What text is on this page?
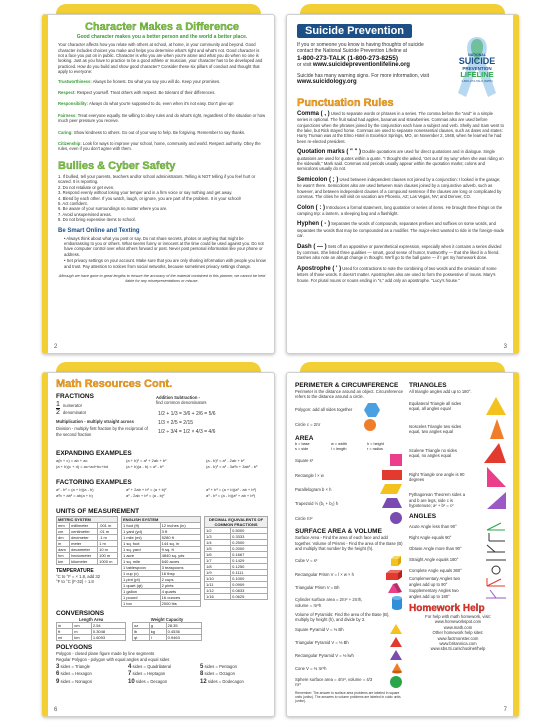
Character Makes a Difference
Good character makes you a better person and the world a better place.
Your character affects how you relate with others at school, at home, in your community and beyond. Good character includes choices you make and helps you determine what's right and what's not. Good character is not a face you put on in public. Character is who you are when you're alone and what you do when no one is looking. Just as you have to practice to be a good athlete or musician, your character has to be developed and practiced. How do you build and show good character? Consider these six pillars of conduct and thought that apply to everyone:
Trustworthiness: Always be honest. Do what you say you will do. Keep your promises.
Respect: Respect yourself. Treat others with respect. Be tolerant of their differences.
Responsibility: Always do what you're supposed to do, even when it's not easy. Don't give up!
Fairness: Treat everyone equally. Be willing to obey rules and do what's right, regardless of the situation or how much peer pressure you receive.
Caring: Show kindness to others. Go out of your way to help. Be forgiving. Remember to say thanks.
Citizenship: Look for ways to improve your school, home, community and world. Respect authority. Obey the rules, even if you don't agree with them.
Bullies & Cyber Safety
1. If bullied, tell your parents, teachers and/or school administrators. Telling is NOT telling if you feel hurt or scared. It is reporting.
2. Do not retaliate or get even.
3. Respond evenly without losing your temper and in a firm voice or say nothing and get away.
4. Blend by each other. If you watch, laugh, or ignore, you are part of the problem. It is your school!
5. Act confident.
6. Be aware of your surroundings no matter where you are.
7. Avoid unsupervised areas.
8. Do not bring expensive items to school.
Be Smart Online and Texting
• Always think about what you post or say. Do not share secrets, photos or anything that might be embarrassing to you or others. What seems funny or innocent at the time could be used against you. Do not have computer control over what others forward or post. Never post personal information like your phone or address.
• Set privacy settings on your account. Make sure that you are only sharing information with people you know and trust. Pay attention to notices from social networks, because sometimes privacy settings change.
Although we have gone to great lengths to ensure the accuracy of the material contained in this planner, we cannot be held liable for any misrepresentations or misuse.
2
Suicide Prevention
If you or someone you know is having thoughts of suicide contact the National Suicide Prevention Lifeline at
1-800-273-TALK (1-800-273-8255)
or visit www.suicidepreventionlifeline.org
Suicide has many warning signs. For more information, visit
www.suicidology.org
NATIONAL
SUICIDE
PREVENTION
LIFELINE
1-800-273-TALK (8255)
Punctuation Rules
Comma ( , ) Used to separate words or phrases in a series. The comma before the "and" in a simple series is optional. The fruit salad had apples, bananas and strawberries. Commas also are used before conjunctions when the phrases joined by the conjunction each have a subject and verb. Shelly and Sam went to the lake, but Rick stayed home. Commas are used to separate nonessential clauses, such as dates and states: Harry Truman was at the Elmo Hotel in Excelsior Springs, MO, on November 2, 1948, when he learned he had been re-elected president.
Quotation marks ( " " ) Double quotations are used for direct quotations and in dialogue. Single quotations are used for quotes within a quote. "I thought she asked, 'Get out of my way' when she was riding on the sidewalk," Mark said. Commas and periods usually appear within the quotation marks; colons and semicolons usually do not.
Semicolon ( ; ) Used between independent clauses not joined by a conjunction: I looked in the garage; he wasn't there. Semicolons also are used between main clauses joined by a conjunctive adverb, such as however, and between independent clauses of a compound sentence if the clauses are long or complicated by commas. The cities he will visit on vacation are Phoenix, AZ; Las Vegas, NV; and Denver, CO.
Colon ( : ) Introduces a formal statement, long quotation or series of items. He brought three things on the camping trip: a lantern, a sleeping bag and a flashlight.
Hyphen ( - ) Separates the words of compounds, separates prefixes and suffixes on some words, and separates the words that may be compounded as a modifier. The major-elect wanted to ride in the foreign-made car.
Dash ( — ) Sets off an appositive or parenthetical expression, especially when it contains a series divided by commas. She listed three qualities — smart, good sense of humor, trustworthy — that she liked in a friend. Dashes also note an abrupt change in thought. We'll go to the ball game — if I get my homework done.
Apostrophe ( ' ) Used for contractions to note the combining of two words and the omission of some letters of those words. It doesn't matter. Apostrophes also are used to form the possessive of nouns. Mary's house. For plural nouns or nouns ending in "s," add only an apostrophe. "Lucy's house."
3
Math Resources Cont.
FRACTIONS
1
2
numerator
denominator
Multiplication - multiply straight across
Division - multiply first fraction by the reciprocal of the second fraction
Addition Subtraction -
find common denominators
1/2 + 1/3 = 3/6 + 2/6 = 5/6
1/3 × 2/5 = 2/15
1/2 ÷ 3/4 = 1/2 × 4/3 = 4/6
EXPANDING EXAMPLES
a(b + c) = ab + ac	(a + b)² = a² + 2ab + b²	(a - b)² = a² - 2ab + b²
(a + b)(c + d) = ac+ad+bc+bd	(a + b)(a - b) = a² - b²	(a - b)³ = a³ - 3a²b + 3ab² - b³
FACTORING EXAMPLES
a² - b² = (a + b)(a - b)	a² + 2ab + b² = (a + b)²	a³ + b³ = (a + b)(a² - ab + b²)
a²b + ab² = ab(a + b)	a² - 2ab + b² = (a - b)²	a³ - b³ = (a - b)(a² + ab + b²)
UNITS OF MEASUREMENT
METRIC SYSTEM		
mm	millimeter	.001 m
cm	centimeter	.01 m
dm	decimeter	.1 m
m	meter	1 m
dam	decameter	10 m
hm	hectometer	100 m
km	kilometer	1000 m
TEMPERATURE
°C to °F = × 1.8, add 32
°F to °C (F-32) ÷ 1.8
ENGLISH SYSTEM	
1 foot (ft)	12 inches (in)
1 yard (yd)	3 ft
1 mile (mi)	5280 ft
1 sq. foot	144 sq. in
1 sq. yard	9 sq. ft
1 acre	4840 sq. yds
1 sq. mile	640 acres
1 tablespoon	3 teaspoons
1 cup (c)	16 tbsp
1 pint (pt)	2 cups
1 quart (qt)	2 pints
1 gallon	4 quarts
1 pound	16 ounces
1 ton	2000 lbs
DECIMAL EQUIVALENTS OF COMMON FRACTIONS	
1/2	0.5000
1/3	0.3333
1/4	0.2500
1/5	0.2000
1/6	0.1667
1/7	0.1429
1/8	0.1250
1/9	0.1111
1/10	0.1000
1/11	0.0909
1/12	0.0833
1/16	0.0625
CONVERSIONS
Length Area
in	cm	2.54
ft	m	0.3048
mi	km	1.6093
Weight Capacity
oz	g	28.35
lb	kg	0.4536
qt	l	0.9463
POLYGONS
Polygon - closed plane figure made by line segments
Regular Polygon - polygon with equal angles and equal sides
3 sides = Triangle	4 sides = Quadrilateral	5 sides = Pentagon
6 sides = Hexagon	7 sides = Heptagon	8 sides = Octagon
9 sides = Nonagon	10 sides = Decagon	12 sides = Dodecagon
6
PERIMETER & CIRCUMFERENCE
Perimeter is the distance around an object. Circumference refers to the distance around a circle.
Polygon: add all sides together
Circle c = 2πr
AREA
b = base	w = width	h = height
s = side	l = length	r = radius
Square s²
Rectangle l × w
Parallelogram b × h
Trapezoid ½ (b₁ + b₂) h
Circle πr²
SURFACE AREA & VOLUME
Surface Area - Find the area of each face and add together. Volume of Prisms - Find the area of the Base (B) and multiply that number by the height (h).
Cube V = s³
Rectangular Prism V = l × w × h
Triangular Prism V = Bh
Cylinder surface area = 2πr² + 2πrh, volume = πr²h
Volume of Pyramids: Find the area of the Base (B), multiply by height (h), and divide by 3.
Square Pyramid V = ⅓ Bh
Triangular Pyramid V = ⅓ Bh
Rectangular Pyramid V = ⅓ lwh
Cone V = ⅓ πr²h
Sphere surface area = 4πr², volume = 4/3 πr³
Remember: The answer to surface area problems are labeled in square units (units²). The answers to volume problems are labeled in cubic units (units³).
TRIANGLES
All triangle angles add up to 180°.
Equilateral Triangle all sides equal, all angles equal
Isosceles Triangle two sides equal, two angles equal
Scalene Triangle no sides equal, no angles equal
Right Triangle one angle is 90 degrees
Pythagorean Theorem sides a and b are legs, side c is hypotenuse; a² + b² = c²
ANGLES
Acute Angle less than 90°
Right Angle equals 90°
Obtuse Angle more than 90°
Straight Angle equals 180°
Complete Angle equals 360°
Complementary Angles two angles add up to 90°
Supplementary Angles two angles add up to 180°
Homework Help
For help with math homework, visit:
www.homeworkspot.com
www.math.com
Other homework help sites:
www.factmonster.com
www.britannica.com
www.sbs.tti.ca/schoolnet/help
7
